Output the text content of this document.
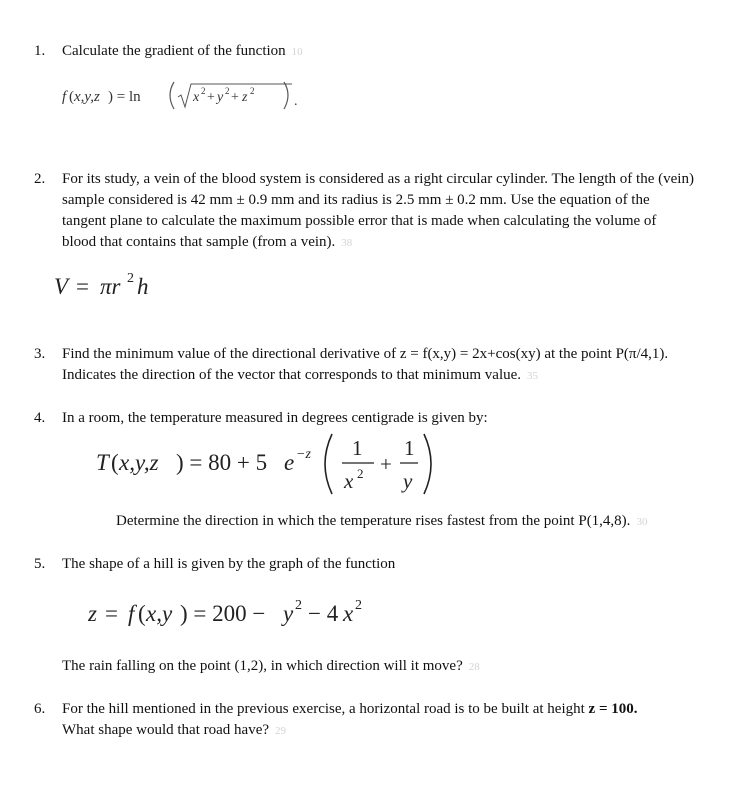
1. Calculate the gradient of the function 10
f ( x,y,z ) = ln	x 2 + y 2 + z 2
.
2. For its study, a vein of the blood system is considered as a right circular cylinder. The length of the (vein) sample considered is 42 mm ± 0.9 mm and its radius is 2.5 mm ± 0.2 mm. Use the equation of the tangent plane to calculate the maximum possible error that is made when calculating the volume of blood that contains that sample (from a vein). 38
V = πr 2 h
3. Find the minimum value of the directional derivative of z = f(x,y) = 2x+cos(xy) at the point P(π/4,1). Indicates the direction of the vector that corresponds to that minimum value. 35
4. In a room, the temperature measured in degrees centigrade is given by:
T ( x,y,z ) = 80 + 5 e −z 1
x 2 +
1
y
Determine the direction in which the temperature rises fastest from the point P(1,4,8). 30
5. The shape of a hill is given by the graph of the function
z = f ( x,y ) = 200 − y 2 − 4 x 2
The rain falling on the point (1,2), in which direction will it move? 28
6. For the hill mentioned in the previous exercise, a horizontal road is to be built at height z = 100.
What shape would that road have? 29
